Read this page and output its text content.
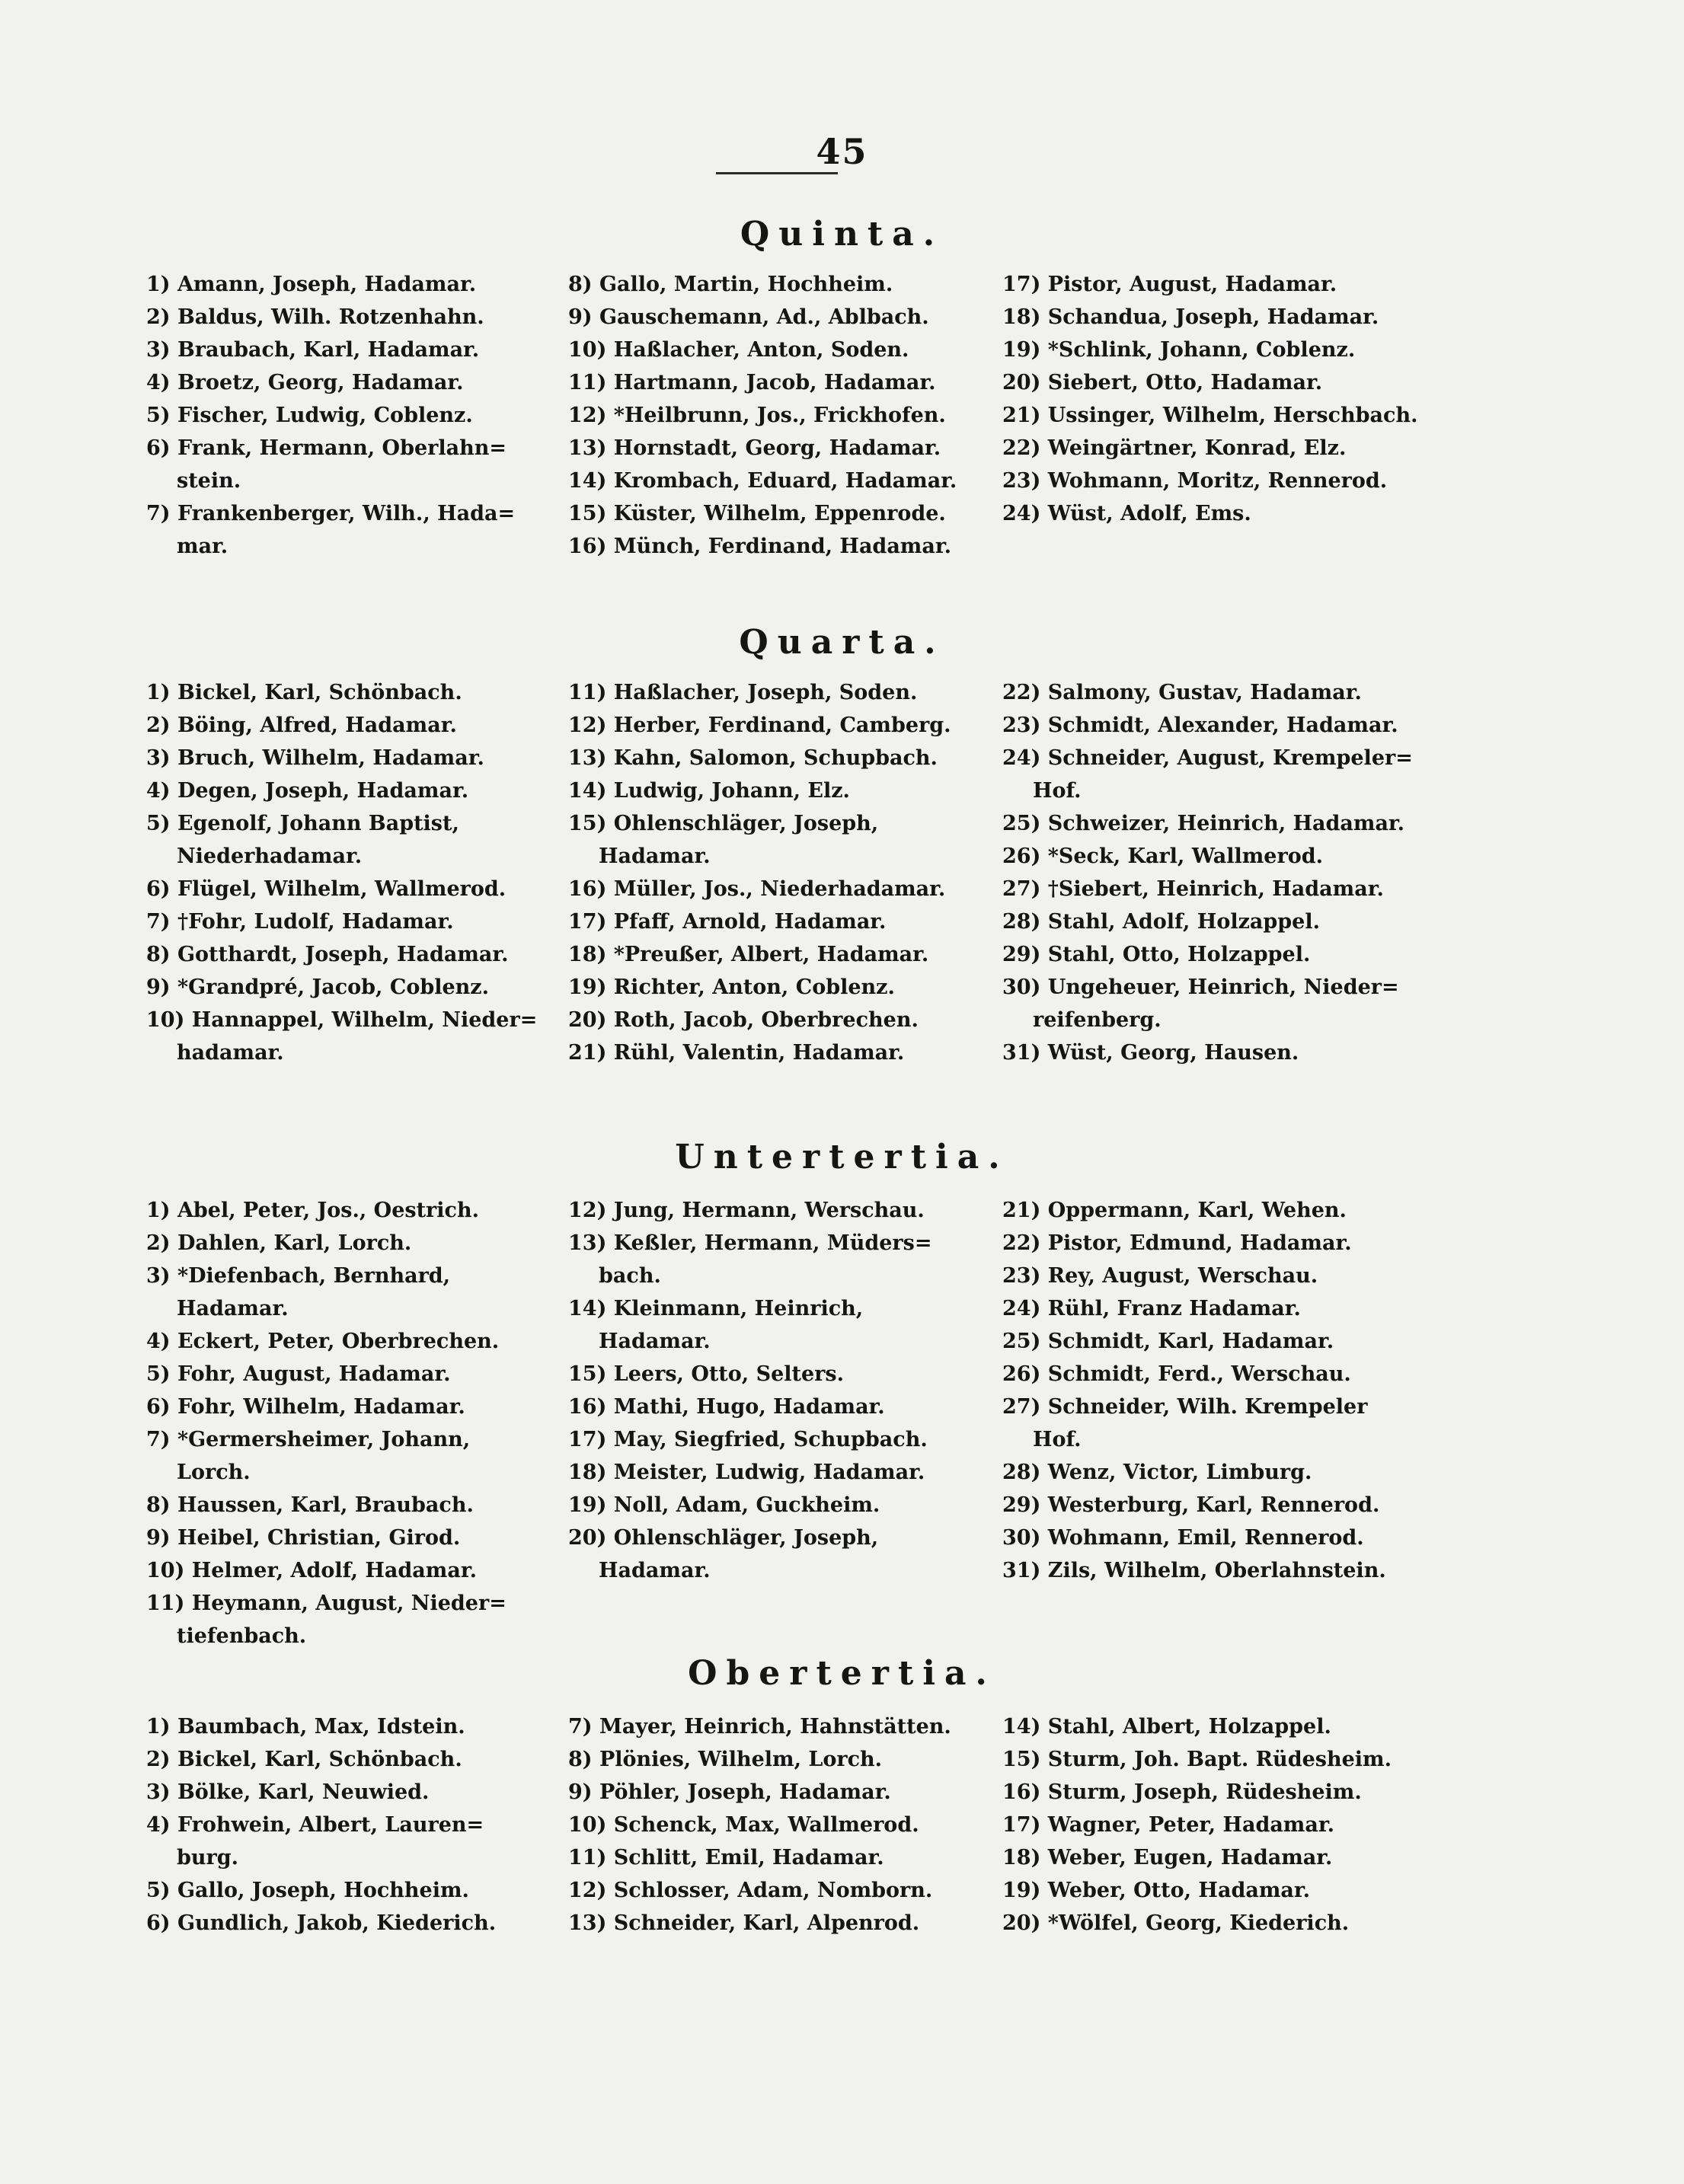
45
Quinta.
1) Amann, Joseph, Hadamar.
2) Baldus, Wilh. Rotzenhahn.
3) Braubach, Karl, Hadamar.
4) Broetz, Georg, Hadamar.
5) Fischer, Ludwig, Coblenz.
6) Frank, Hermann, Oberlahn=
stein.
7) Frankenberger, Wilh., Hada=
mar.
8) Gallo, Martin, Hochheim.
9) Gauschemann, Ad., Ablbach.
10) Haßlacher, Anton, Soden.
11) Hartmann, Jacob, Hadamar.
12) *Heilbrunn, Jos., Frickhofen.
13) Hornstadt, Georg, Hadamar.
14) Krombach, Eduard, Hadamar.
15) Küster, Wilhelm, Eppenrode.
16) Münch, Ferdinand, Hadamar.
17) Pistor, August, Hadamar.
18) Schandua, Joseph, Hadamar.
19) *Schlink, Johann, Coblenz.
20) Siebert, Otto, Hadamar.
21) Ussinger, Wilhelm, Herschbach.
22) Weingärtner, Konrad, Elz.
23) Wohmann, Moritz, Rennerod.
24) Wüst, Adolf, Ems.
Quarta.
1) Bickel, Karl, Schönbach.
2) Böing, Alfred, Hadamar.
3) Bruch, Wilhelm, Hadamar.
4) Degen, Joseph, Hadamar.
5) Egenolf, Johann Baptist,
Niederhadamar.
6) Flügel, Wilhelm, Wallmerod.
7) †Fohr, Ludolf, Hadamar.
8) Gotthardt, Joseph, Hadamar.
9) *Grandpré, Jacob, Coblenz.
10) Hannappel, Wilhelm, Nieder=
hadamar.
11) Haßlacher, Joseph, Soden.
12) Herber, Ferdinand, Camberg.
13) Kahn, Salomon, Schupbach.
14) Ludwig, Johann, Elz.
15) Ohlenschläger, Joseph,
Hadamar.
16) Müller, Jos., Niederhadamar.
17) Pfaff, Arnold, Hadamar.
18) *Preußer, Albert, Hadamar.
19) Richter, Anton, Coblenz.
20) Roth, Jacob, Oberbrechen.
21) Rühl, Valentin, Hadamar.
22) Salmony, Gustav, Hadamar.
23) Schmidt, Alexander, Hadamar.
24) Schneider, August, Krempeler=
Hof.
25) Schweizer, Heinrich, Hadamar.
26) *Seck, Karl, Wallmerod.
27) †Siebert, Heinrich, Hadamar.
28) Stahl, Adolf, Holzappel.
29) Stahl, Otto, Holzappel.
30) Ungeheuer, Heinrich, Nieder=
reifenberg.
31) Wüst, Georg, Hausen.
Untertertia.
1) Abel, Peter, Jos., Oestrich.
2) Dahlen, Karl, Lorch.
3) *Diefenbach, Bernhard,
Hadamar.
4) Eckert, Peter, Oberbrechen.
5) Fohr, August, Hadamar.
6) Fohr, Wilhelm, Hadamar.
7) *Germersheimer, Johann,
Lorch.
8) Haussen, Karl, Braubach.
9) Heibel, Christian, Girod.
10) Helmer, Adolf, Hadamar.
11) Heymann, August, Nieder=
tiefenbach.
12) Jung, Hermann, Werschau.
13) Keßler, Hermann, Müders=
bach.
14) Kleinmann, Heinrich,
Hadamar.
15) Leers, Otto, Selters.
16) Mathi, Hugo, Hadamar.
17) May, Siegfried, Schupbach.
18) Meister, Ludwig, Hadamar.
19) Noll, Adam, Guckheim.
20) Ohlenschläger, Joseph,
Hadamar.
21) Oppermann, Karl, Wehen.
22) Pistor, Edmund, Hadamar.
23) Rey, August, Werschau.
24) Rühl, Franz Hadamar.
25) Schmidt, Karl, Hadamar.
26) Schmidt, Ferd., Werschau.
27) Schneider, Wilh. Krempeler
Hof.
28) Wenz, Victor, Limburg.
29) Westerburg, Karl, Rennerod.
30) Wohmann, Emil, Rennerod.
31) Zils, Wilhelm, Oberlahnstein.
Obertertia.
1) Baumbach, Max, Idstein.
2) Bickel, Karl, Schönbach.
3) Bölke, Karl, Neuwied.
4) Frohwein, Albert, Lauren=
burg.
5) Gallo, Joseph, Hochheim.
6) Gundlich, Jakob, Kiederich.
7) Mayer, Heinrich, Hahnstätten.
8) Plönies, Wilhelm, Lorch.
9) Pöhler, Joseph, Hadamar.
10) Schenck, Max, Wallmerod.
11) Schlitt, Emil, Hadamar.
12) Schlosser, Adam, Nomborn.
13) Schneider, Karl, Alpenrod.
14) Stahl, Albert, Holzappel.
15) Sturm, Joh. Bapt. Rüdesheim.
16) Sturm, Joseph, Rüdesheim.
17) Wagner, Peter, Hadamar.
18) Weber, Eugen, Hadamar.
19) Weber, Otto, Hadamar.
20) *Wölfel, Georg, Kiederich.
